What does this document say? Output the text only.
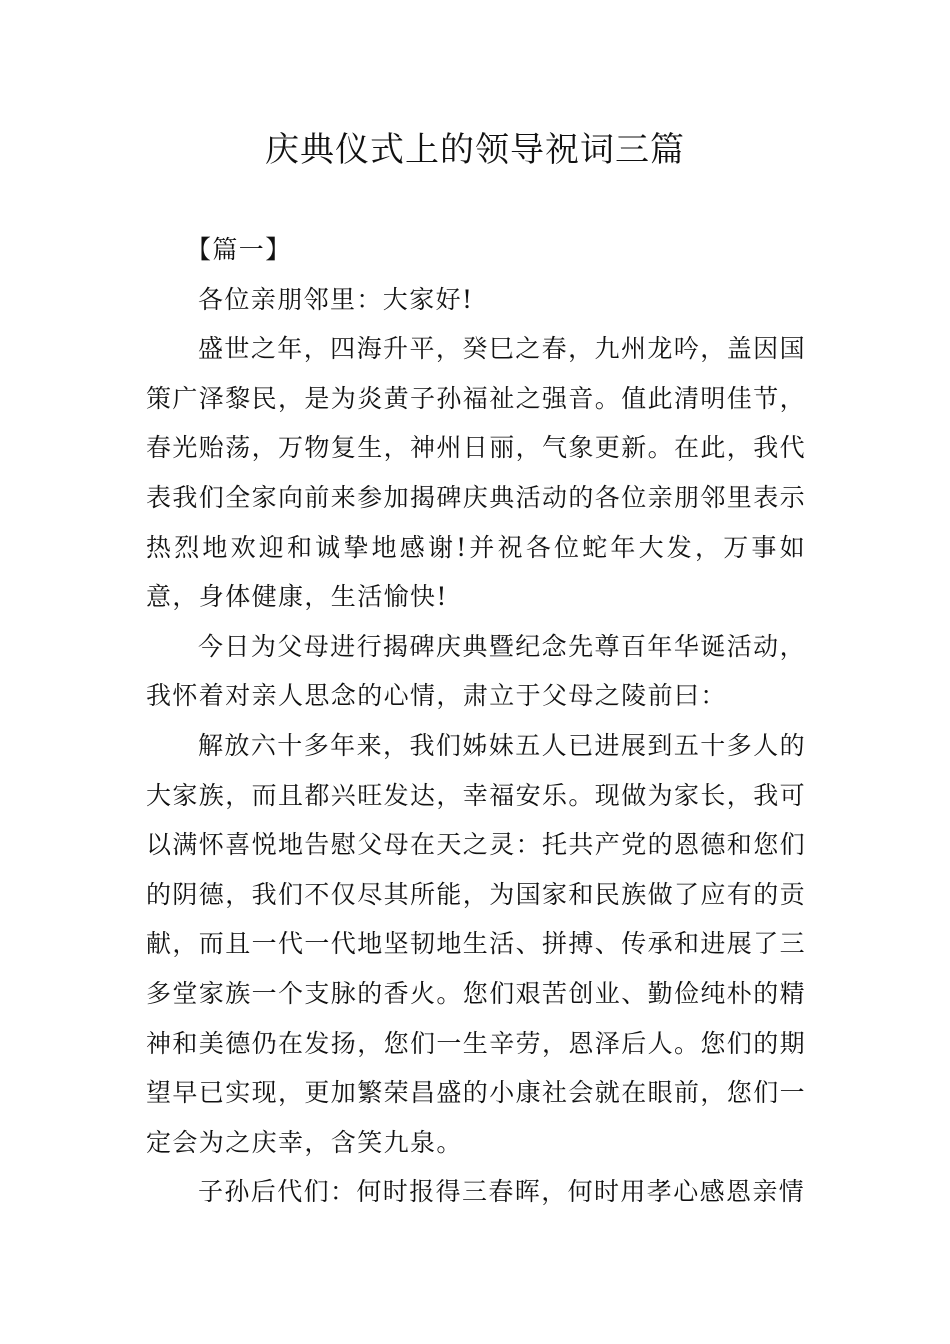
庆典仪式上的领导祝词三篇

【篇一】

各位亲朋邻里：大家好!

盛世之年，四海升平，癸巳之春，九州龙吟，盖因国策广泽黎民，是为炎黄子孙福祉之强音。值此清明佳节，春光贻荡，万物复生，神州日丽，气象更新。在此，我代表我们全家向前来参加揭碑庆典活动的各位亲朋邻里表示热烈地欢迎和诚挚地感谢!并祝各位蛇年大发，万事如意，身体健康，生活愉快!

今日为父母进行揭碑庆典暨纪念先尊百年华诞活动，我怀着对亲人思念的心情，肃立于父母之陵前曰：

解放六十多年来，我们姊妹五人已进展到五十多人的大家族，而且都兴旺发达，幸福安乐。现做为家长，我可以满怀喜悦地告慰父母在天之灵：托共产党的恩德和您们的阴德，我们不仅尽其所能，为国家和民族做了应有的贡献，而且一代一代地坚韧地生活、拼搏、传承和进展了三多堂家族一个支脉的香火。您们艰苦创业、勤俭纯朴的精神和美德仍在发扬，您们一生辛劳，恩泽后人。您们的期望早已实现，更加繁荣昌盛的小康社会就在眼前，您们一定会为之庆幸，含笑九泉。

子孙后代们：何时报得三春晖，何时用孝心感恩亲情
